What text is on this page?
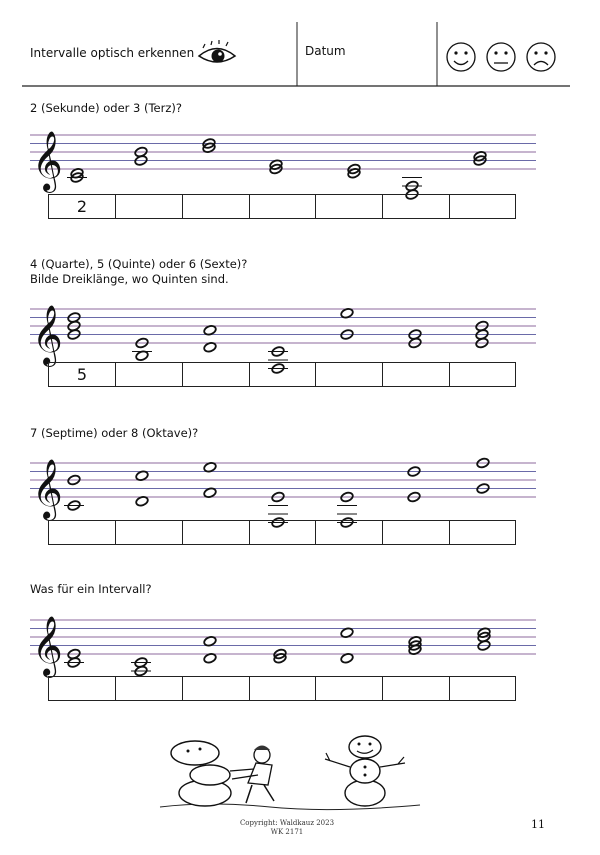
Intervalle optisch erkennen	Datum
2 (Sekunde) oder 3 (Terz)?
𝄞
2
4 (Quarte), 5 (Quinte) oder 6 (Sexte)?
Bilde Dreiklänge, wo Quinten sind.
𝄞
5
7 (Septime) oder 8 (Oktave)?
𝄞
Was für ein Intervall?
𝄞
Copyright: Waldkauz 2023
WK 2171
11
